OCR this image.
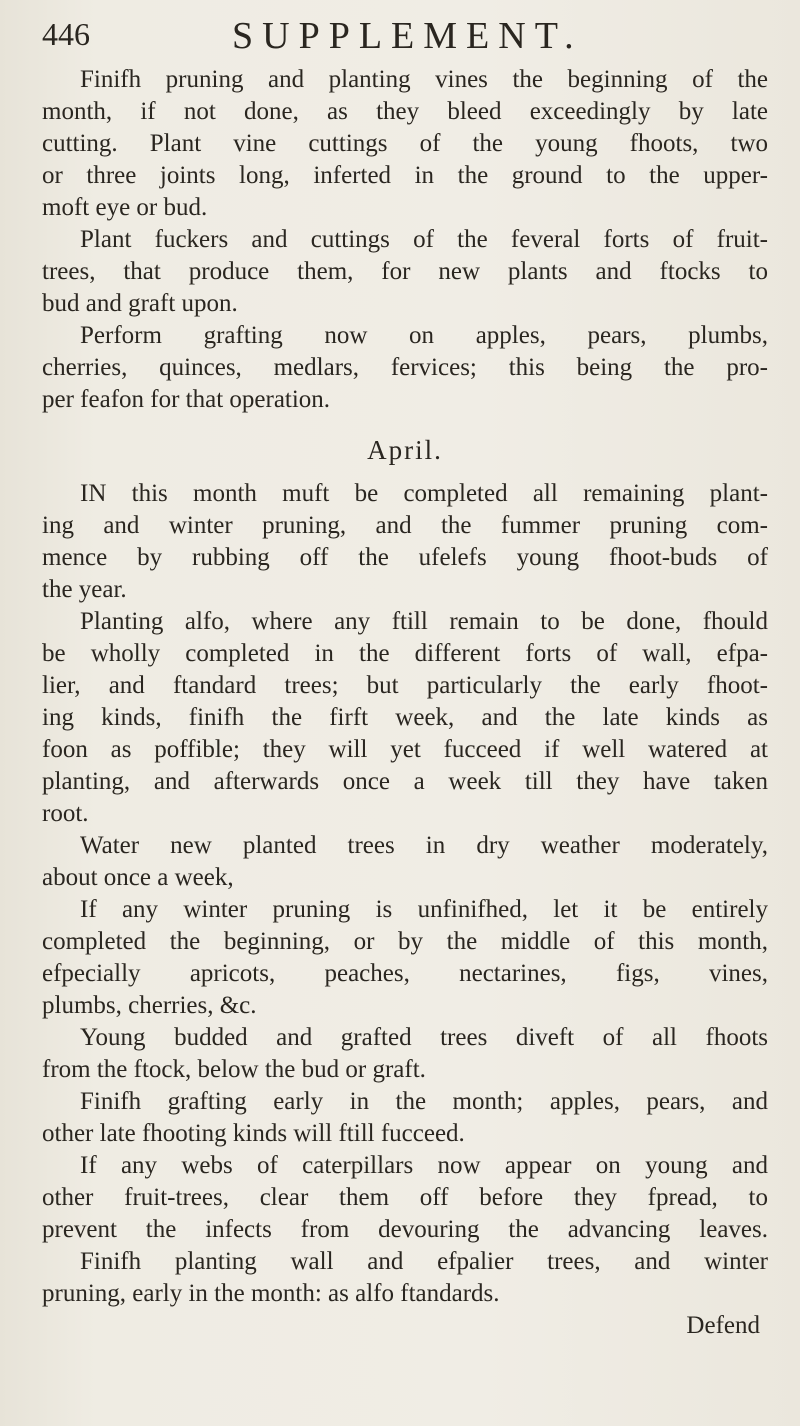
446	SUPPLEMENT.
Finifh pruning and planting vines the beginning of the
month, if not done, as they bleed exceedingly by late
cutting. Plant vine cuttings of the young fhoots, two
or three joints long, inferted in the ground to the upper-
moft eye or bud.
Plant fuckers and cuttings of the feveral forts of fruit-
trees, that produce them, for new plants and ftocks to
bud and graft upon.
Perform grafting now on apples, pears, plumbs,
cherries, quinces, medlars, fervices; this being the pro-
per feafon for that operation.
April.
IN this month muft be completed all remaining plant-
ing and winter pruning, and the fummer pruning com-
mence by rubbing off the ufelefs young fhoot-buds of
the year.
Planting alfo, where any ftill remain to be done, fhould
be wholly completed in the different forts of wall, efpa-
lier, and ftandard trees; but particularly the early fhoot-
ing kinds, finifh the firft week, and the late kinds as
foon as poffible; they will yet fucceed if well watered at
planting, and afterwards once a week till they have taken
root.
Water new planted trees in dry weather moderately,
about once a week,
If any winter pruning is unfinifhed, let it be entirely
completed the beginning, or by the middle of this month,
efpecially apricots, peaches, nectarines, figs, vines,
plumbs, cherries, &c.
Young budded and grafted trees diveft of all fhoots
from the ftock, below the bud or graft.
Finifh grafting early in the month; apples, pears, and
other late fhooting kinds will ftill fucceed.
If any webs of caterpillars now appear on young and
other fruit-trees, clear them off before they fpread, to
prevent the infects from devouring the advancing leaves.
Finifh planting wall and efpalier trees, and winter
pruning, early in the month: as alfo ftandards.
Defend
